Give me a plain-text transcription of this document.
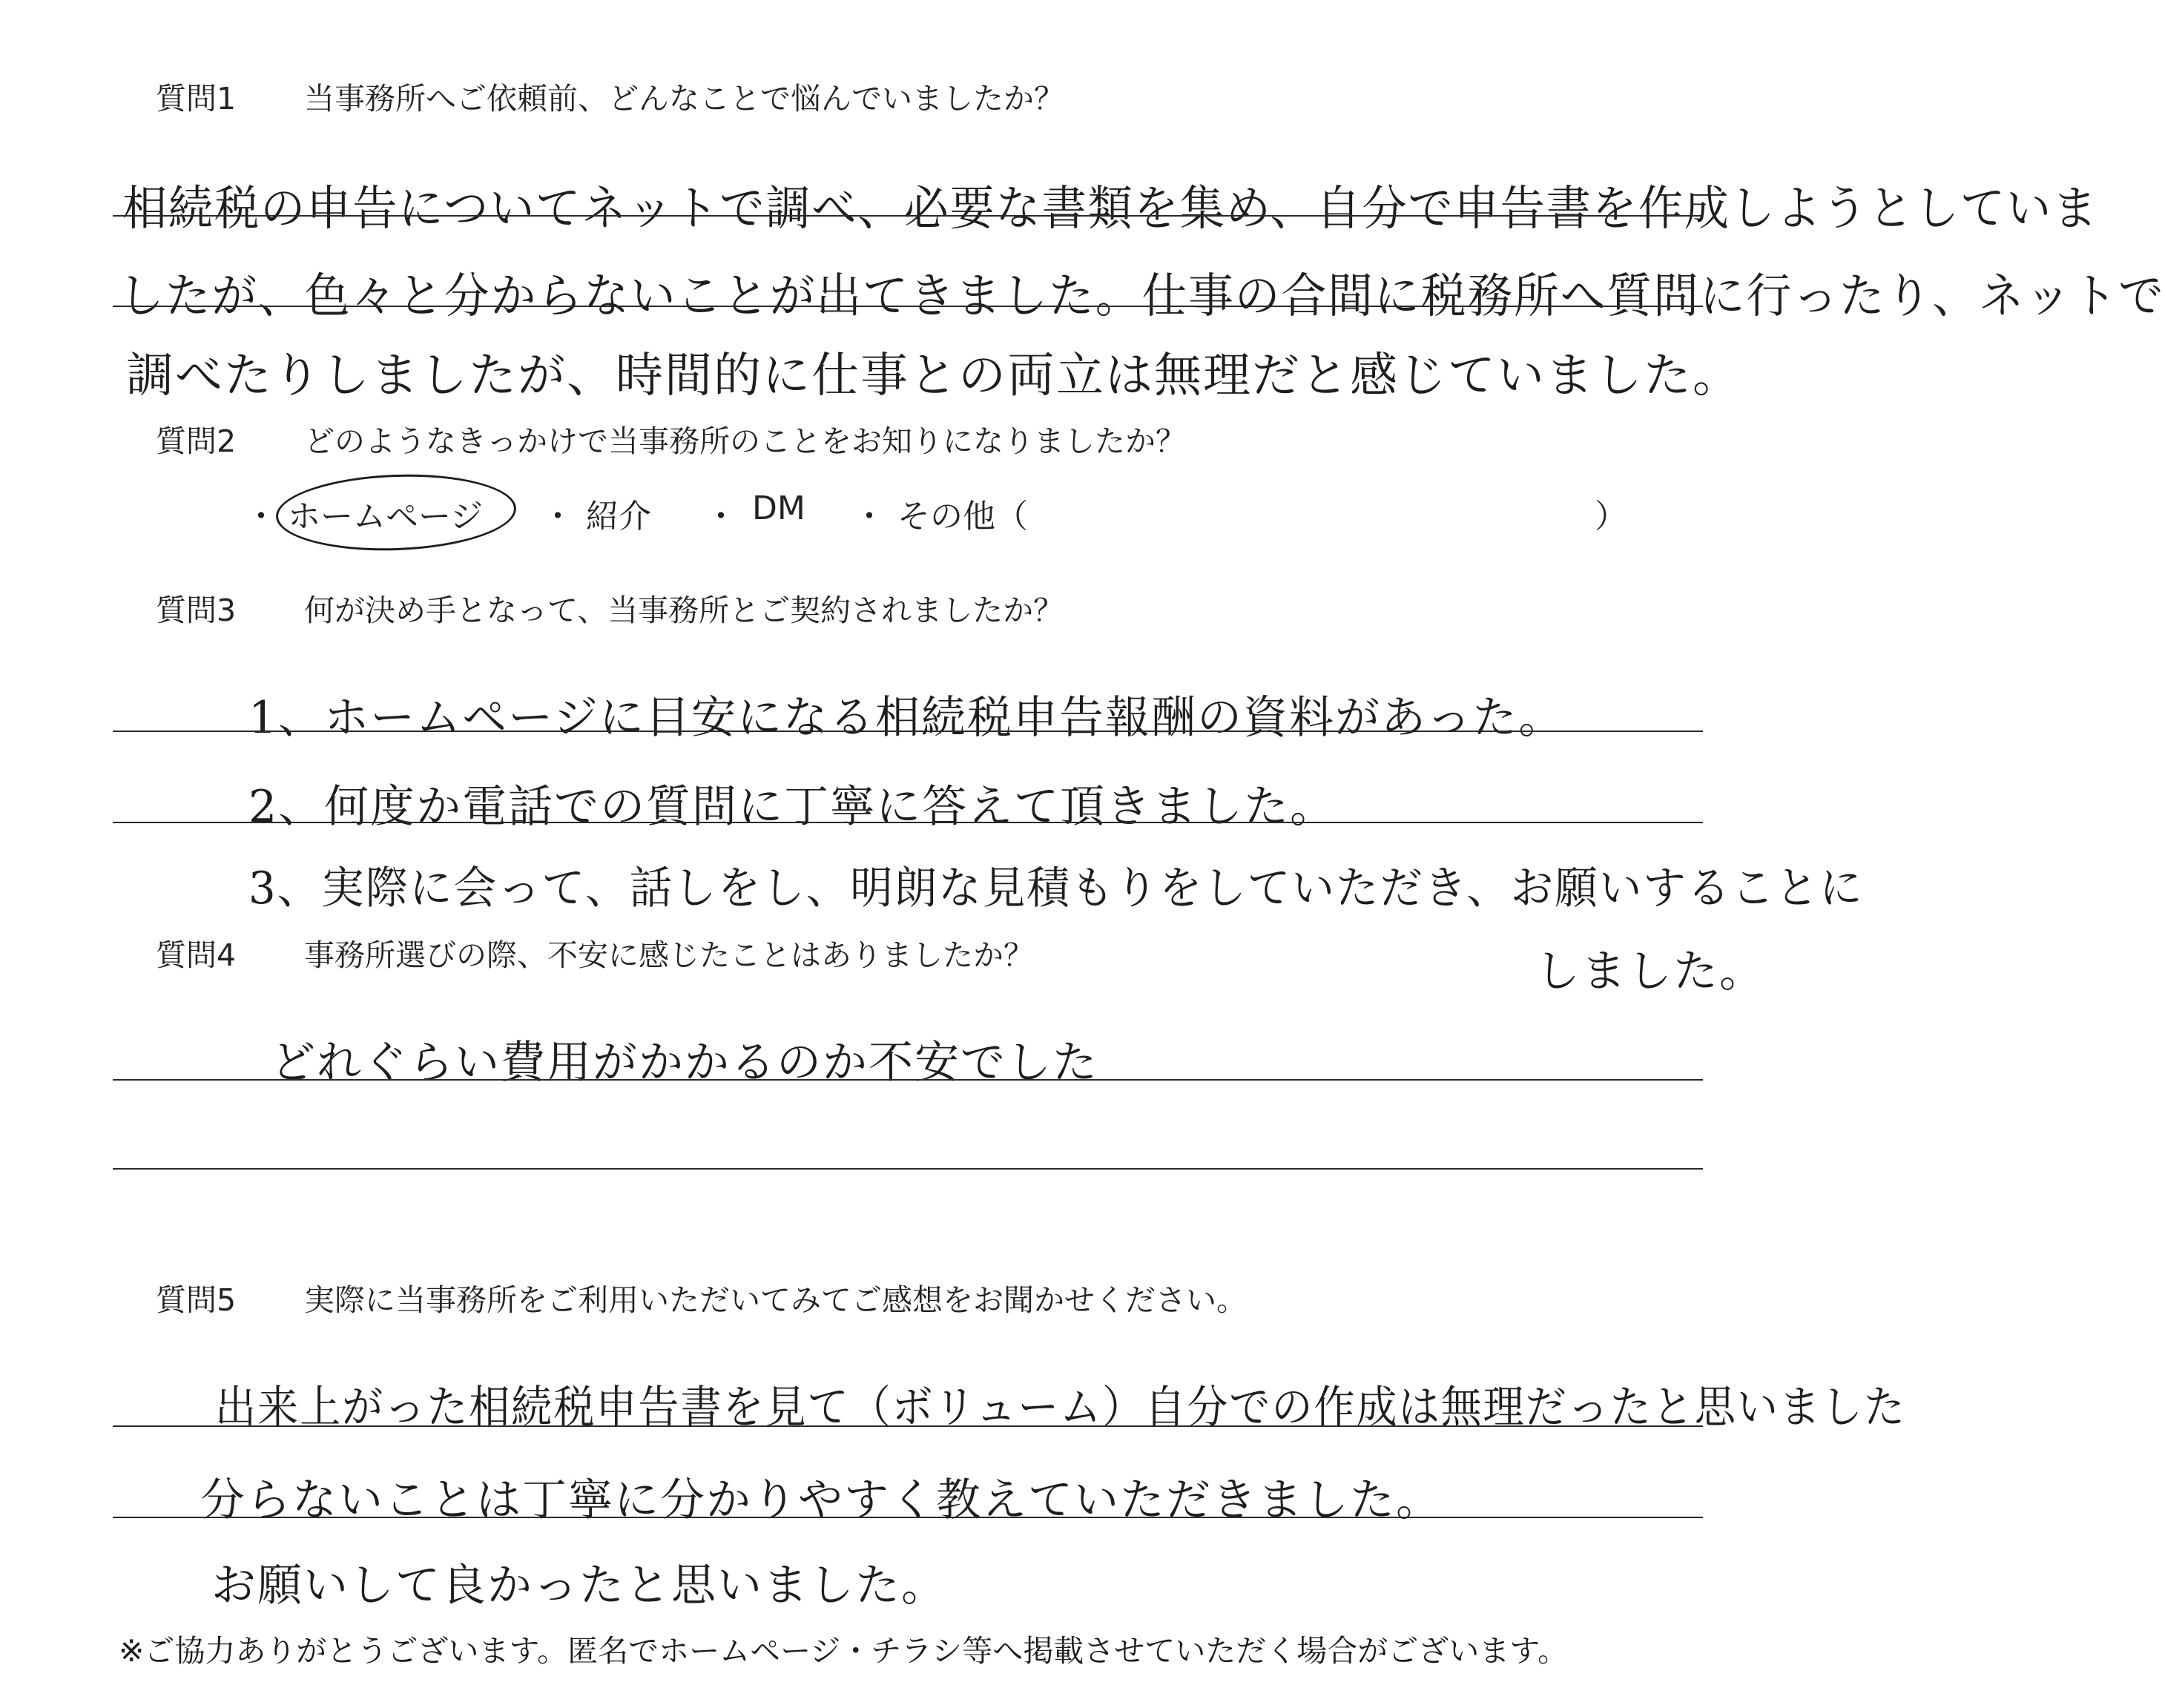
質問1 当事務所へご依頼前、どんなことで悩んでいましたか？
相続税の申告についてネットで調べ、必要な書類を集め、自分で申告書を作成しようとしていま
したが、色々と分からないことが出てきました。仕事の合間に税務所へ質問に行ったり、ネットで
調べたりしましたが、時間的に仕事との両立は無理だと感じていました。
質問2 どのようなきっかけで当事務所のことをお知りになりましたか？
・ ホームページ ・ 紹介 ・ DM ・ その他（	）
質問3 何が決め手となって、当事務所とご契約されましたか？
1、ホームページに目安になる相続税申告報酬の資料があった。
2、何度か電話での質問に丁寧に答えて頂きました。
3、実際に会って、話しをし、明朗な見積もりをしていただき、お願いすることに
しました。
質問4 事務所選びの際、不安に感じたことはありましたか？
どれぐらい費用がかかるのか不安でした
質問5 実際に当事務所をご利用いただいてみてご感想をお聞かせください。
出来上がった相続税申告書を見て（ボリューム）自分での作成は無理だったと思いました
分らないことは丁寧に分かりやすく教えていただきました。
お願いして良かったと思いました。
※ご協力ありがとうございます。匿名でホームページ・チラシ等へ掲載させていただく場合がございます。
